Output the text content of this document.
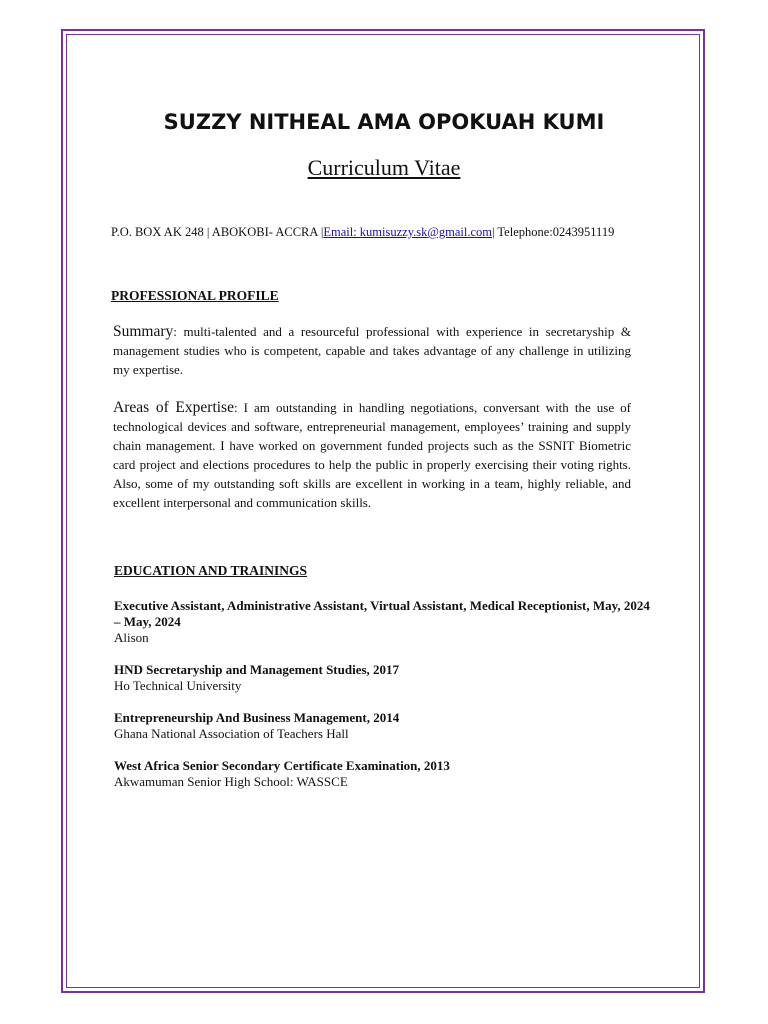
SUZZY NITHEAL AMA OPOKUAH KUMI
Curriculum Vitae
P.O. BOX AK 248 | ABOKOBI- ACCRA |Email: kumisuzzy.sk@gmail.com| Telephone:0243951119
PROFESSIONAL PROFILE
Summary: multi-talented and a resourceful professional with experience in secretaryship & management studies who is competent, capable and takes advantage of any challenge in utilizing my expertise.
Areas of Expertise: I am outstanding in handling negotiations, conversant with the use of technological devices and software, entrepreneurial management, employees’ training and supply chain management. I have worked on government funded projects such as the SSNIT Biometric card project and elections procedures to help the public in properly exercising their voting rights. Also, some of my outstanding soft skills are excellent in working in a team, highly reliable, and excellent interpersonal and communication skills.
EDUCATION AND TRAININGS
Executive Assistant, Administrative Assistant, Virtual Assistant, Medical Receptionist, May, 2024 – May, 2024
Alison
HND Secretaryship and Management Studies, 2017
Ho Technical University
Entrepreneurship And Business Management, 2014
Ghana National Association of Teachers Hall
West Africa Senior Secondary Certificate Examination, 2013
Akwamuman Senior High School: WASSCE
